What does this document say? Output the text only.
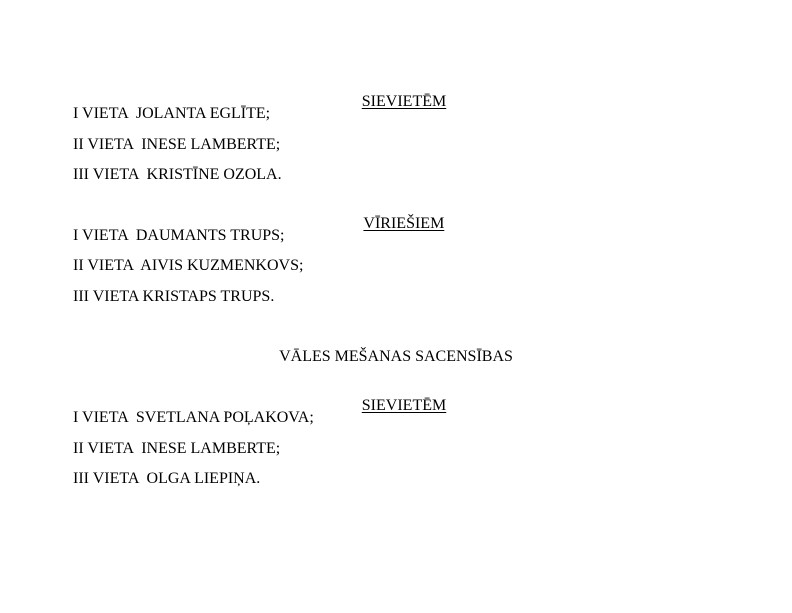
SIEVIETĒM

I VIETA  JOLANTA EGLĪTE;
II VIETA  INESE LAMBERTE;
III VIETA  KRISTĪNE OZOLA.

VĪRIEŠIEM

I VIETA  DAUMANTS TRUPS;
II VIETA  AIVIS KUZMENKOVS;
III VIETA KRISTAPS TRUPS.
VĀLES MEŠANAS SACENSĪBAS

SIEVIETĒM

I VIETA  SVETLANA POĻAKOVA;
II VIETA  INESE LAMBERTE;
III VIETA  OLGA LIEPIŅA.
